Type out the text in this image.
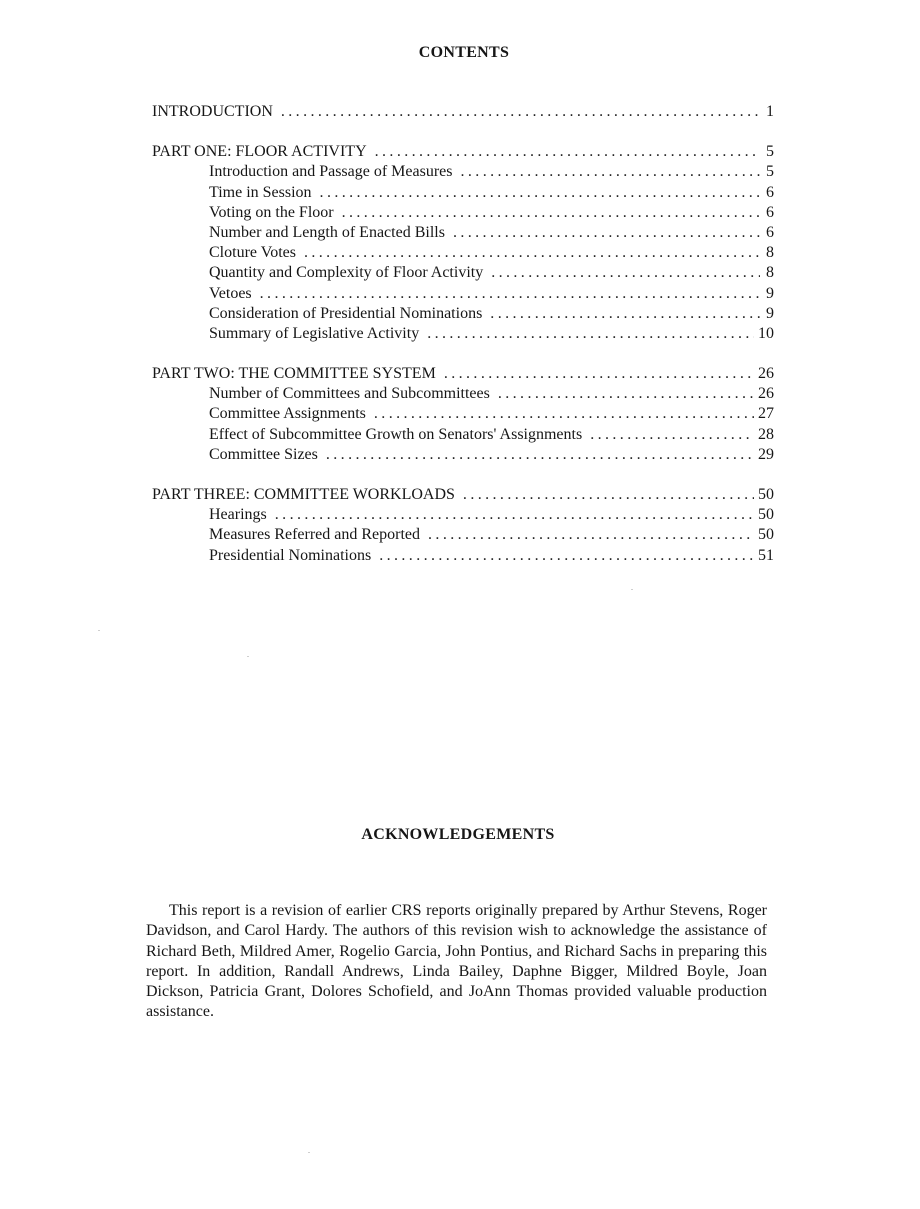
CONTENTS
INTRODUCTION . . .	1
PART ONE: FLOOR ACTIVITY . . .	5
Introduction and Passage of Measures . . .	5
Time in Session . . .	6
Voting on the Floor . . .	6
Number and Length of Enacted Bills . . .	6
Cloture Votes . . .	8
Quantity and Complexity of Floor Activity . . .	8
Vetoes . . .	9
Consideration of Presidential Nominations . . .	9
Summary of Legislative Activity . . .	10
PART TWO: THE COMMITTEE SYSTEM . . .	26
Number of Committees and Subcommittees . . .	26
Committee Assignments . . .	27
Effect of Subcommittee Growth on Senators' Assignments . . .	28
Committee Sizes . . .	29
PART THREE: COMMITTEE WORKLOADS . . .	50
Hearings . . .	50
Measures Referred and Reported . . .	50
Presidential Nominations . . .	51
ACKNOWLEDGEMENTS

This report is a revision of earlier CRS reports originally prepared by Arthur Stevens, Roger Davidson, and Carol Hardy. The authors of this revision wish to acknowledge the assistance of Richard Beth, Mildred Amer, Rogelio Garcia, John Pontius, and Richard Sachs in preparing this report. In addition, Randall Andrews, Linda Bailey, Daphne Bigger, Mildred Boyle, Joan Dickson, Patricia Grant, Dolores Schofield, and JoAnn Thomas provided valuable production assistance.
